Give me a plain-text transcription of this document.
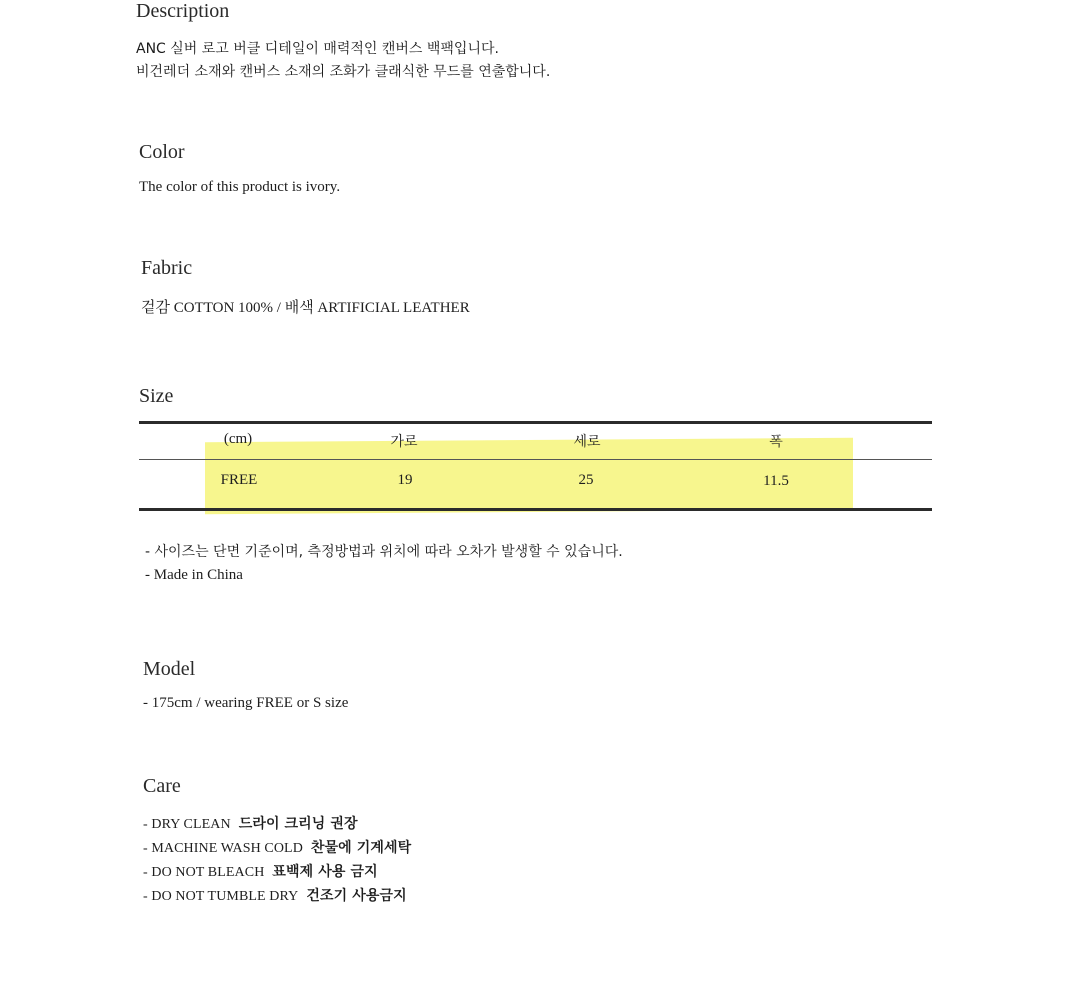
Description
ANC 실버 로고 버클 디테일이 매력적인 캔버스 백팩입니다.
비건레더 소재와 캔버스 소재의 조화가 클래식한 무드를 연출합니다.
Color
The color of this product is ivory.
Fabric
겉감 COTTON 100% / 배색 ARTIFICIAL LEATHER
Size
(cm)	가로	세로	폭
FREE	19	25	11.5
- 사이즈는 단면 기준이며, 측정방법과 위치에 따라 오차가 발생할 수 있습니다.
- Made in China
Model
- 175cm / wearing FREE or S size
Care
- DRY CLEAN 드라이 크리닝 권장
- MACHINE WASH COLD 찬물에 기계세탁
- DO NOT BLEACH 표백제 사용 금지
- DO NOT TUMBLE DRY 건조기 사용금지
